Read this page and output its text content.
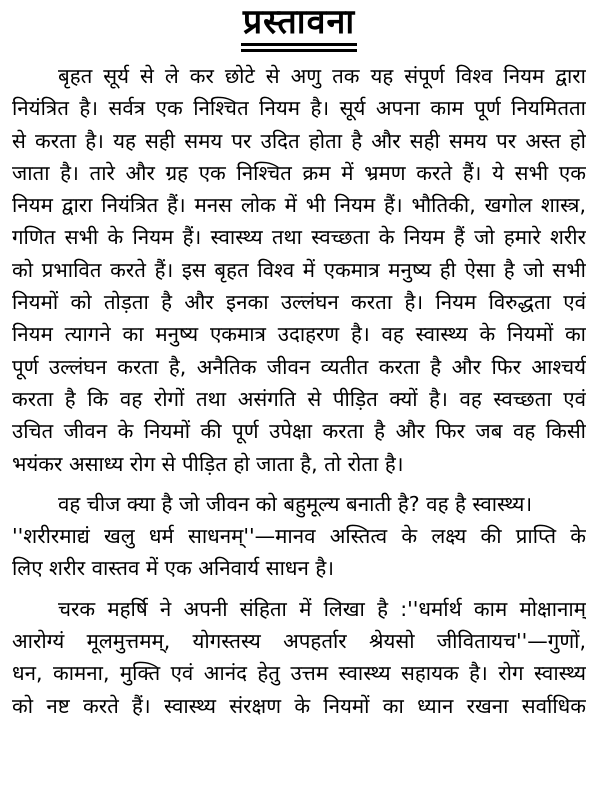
प्रस्तावना
बृहत सूर्य से ले कर छोटे से अणु तक यह संपूर्ण विश्व नियम द्वारा
नियंत्रित है। सर्वत्र एक निश्चित नियम है। सूर्य अपना काम पूर्ण नियमितता
से करता है। यह सही समय पर उदित होता है और सही समय पर अस्त हो
जाता है। तारे और ग्रह एक निश्चित क्रम में भ्रमण करते हैं। ये सभी एक
नियम द्वारा नियंत्रित हैं। मनस लोक में भी नियम हैं। भौतिकी, खगोल शास्त्र,
गणित सभी के नियम हैं। स्वास्थ्य तथा स्वच्छता के नियम हैं जो हमारे शरीर
को प्रभावित करते हैं। इस बृहत विश्व में एकमात्र मनुष्य ही ऐसा है जो सभी
नियमों को तोड़ता है और इनका उल्लंघन करता है। नियम विरुद्धता एवं
नियम त्यागने का मनुष्य एकमात्र उदाहरण है। वह स्वास्थ्य के नियमों का
पूर्ण उल्लंघन करता है, अनैतिक जीवन व्यतीत करता है और फिर आश्चर्य
करता है कि वह रोगों तथा असंगति से पीड़ित क्यों है। वह स्वच्छता एवं
उचित जीवन के नियमों की पूर्ण उपेक्षा करता है और फिर जब वह किसी
भयंकर असाध्य रोग से पीड़ित हो जाता है, तो रोता है।
वह चीज क्या है जो जीवन को बहुमूल्य बनाती है? वह है स्वास्थ्य।
''शरीरमाद्यं खलु धर्म साधनम्''—मानव अस्तित्व के लक्ष्य की प्राप्ति के
लिए शरीर वास्तव में एक अनिवार्य साधन है।
चरक महर्षि ने अपनी संहिता में लिखा है :''धर्मार्थ काम मोक्षानाम्
आरोग्यं मूलमुत्तमम्, योगस्तस्य अपहर्तार श्रेयसो जीवितायच''—गुणों,
धन, कामना, मुक्ति एवं आनंद हेतु उत्तम स्वास्थ्य सहायक है। रोग स्वास्थ्य
को नष्ट करते हैं। स्वास्थ्य संरक्षण के नियमों का ध्यान रखना सर्वाधिक
